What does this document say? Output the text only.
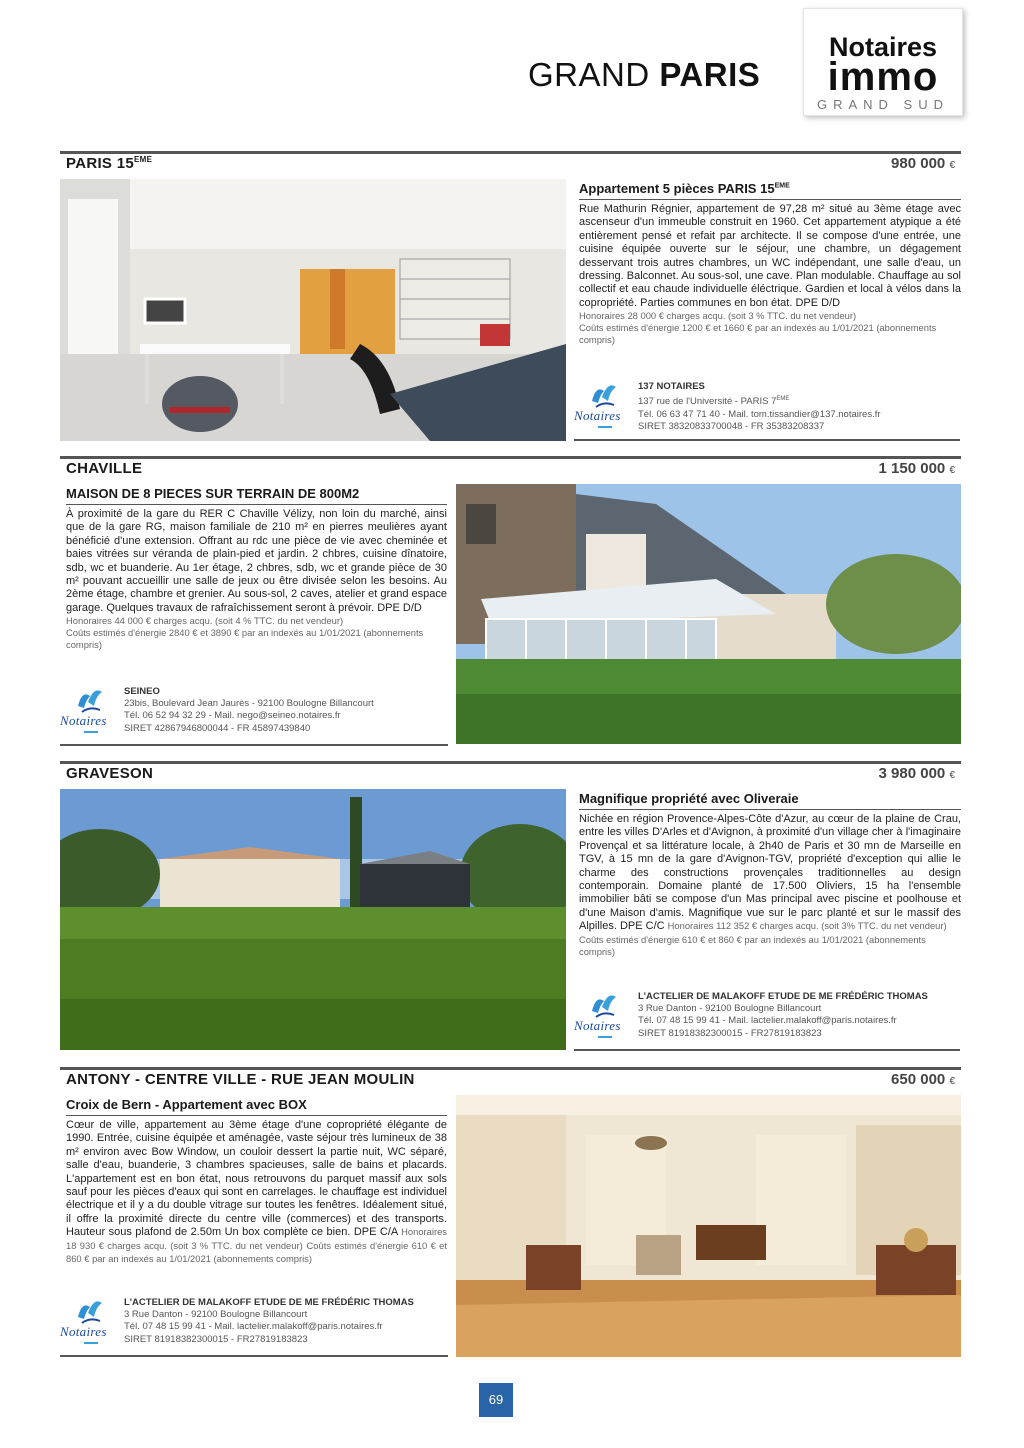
GRAND PARIS
Notaires
immo
GRAND SUD
PARIS 15EME	980 000 €
Appartement 5 pièces PARIS 15EME
Rue Mathurin Régnier, appartement de 97,28 m² situé au 3ème étage avec ascenseur d'un immeuble construit en 1960. Cet appartement atypique a été entièrement pensé et refait par architecte. Il se compose d'une entrée, une cuisine équipée ouverte sur le séjour, une chambre, un dégagement desservant trois autres chambres, un WC indépendant, une salle d'eau, un dressing. Balconnet. Au sous-sol, une cave. Plan modulable. Chauffage au sol collectif et eau chaude individuelle éléctrique. Gardien et local à vélos dans la copropriété. Parties communes en bon état. DPE D/D
Honoraires 28 000 € charges acqu. (soit 3 % TTC. du net vendeur)
Coûts estimés d'énergie 1200 € et 1660 € par an indexés au 1/01/2021 (abonnements compris)
Notaires
137 NOTAIRES
137 rue de l'Université - PARIS 7EME
Tél. 06 63 47 71 40 - Mail. tom.tissandier@137.notaires.fr
SIRET 38320833700048 - FR 35383208337
CHAVILLE	1 150 000 €
MAISON DE 8 PIECES SUR TERRAIN DE 800M2
À proximité de la gare du RER C Chaville Vélizy, non loin du marché, ainsi que de la gare RG, maison familiale de 210 m² en pierres meulières ayant bénéficié d'une extension. Offrant au rdc une pièce de vie avec cheminée et baies vitrées sur véranda de plain-pied et jardin. 2 chbres, cuisine dînatoire, sdb, wc et buanderie. Au 1er étage, 2 chbres, sdb, wc et grande pièce de 30 m² pouvant accueillir une salle de jeux ou être divisée selon les besoins. Au 2ème étage, chambre et grenier. Au sous-sol, 2 caves, atelier et grand espace garage. Quelques travaux de rafraîchissement seront à prévoir. DPE D/D
Honoraires 44 000 € charges acqu. (soit 4 % TTC. du net vendeur)
Coûts estimés d'énergie 2840 € et 3890 € par an indexés au 1/01/2021 (abonnements compris)
Notaires
SEINEO
23bis, Boulevard Jean Jaurès - 92100 Boulogne Billancourt
Tél. 06 52 94 32 29 - Mail. nego@seineo.notaires.fr
SIRET 42867946800044 - FR 45897439840
GRAVESON	3 980 000 €
Magnifique propriété avec Oliveraie
Nichée en région Provence-Alpes-Côte d'Azur, au cœur de la plaine de Crau, entre les villes D'Arles et d'Avignon, à proximité d'un village cher à l'imaginaire Provençal et sa littérature locale, à 2h40 de Paris et 30 mn de Marseille en TGV, à 15 mn de la gare d'Avignon-TGV, propriété d'exception qui allie le charme des constructions provençales traditionnelles au design contemporain. Domaine planté de 17.500 Oliviers, 15 ha l'ensemble immobilier bâti se compose d'un Mas principal avec piscine et poolhouse et d'une Maison d'amis. Magnifique vue sur le parc planté et sur le massif des Alpilles. DPE C/C Honoraires 112 352 € charges acqu. (soit 3% TTC. du net vendeur)
Coûts estimés d'énergie 610 € et 860 € par an indexés au 1/01/2021 (abonnements compris)
Notaires
L'ACTELIER DE MALAKOFF ETUDE DE ME FRÉDÉRIC THOMAS
3 Rue Danton - 92100 Boulogne Billancourt
Tél. 07 48 15 99 41 - Mail. lactelier.malakoff@paris.notaires.fr
SIRET 81918382300015 - FR27819183823
ANTONY - CENTRE VILLE - RUE JEAN MOULIN	650 000 €
Croix de Bern - Appartement avec BOX
Cœur de ville, appartement au 3ème étage d'une copropriété élégante de 1990. Entrée, cuisine équipée et aménagée, vaste séjour très lumineux de 38 m² environ avec Bow Window, un couloir dessert la partie nuit, WC séparé, salle d'eau, buanderie, 3 chambres spacieuses, salle de bains et placards. L'appartement est en bon état, nous retrouvons du parquet massif aux sols sauf pour les pièces d'eaux qui sont en carrelages. le chauffage est individuel électrique et il y a du double vitrage sur toutes les fenêtres. Idéalement situé, il offre la proximité directe du centre ville (commerces) et des transports. Hauteur sous plafond de 2.50m Un box complète ce bien. DPE C/A Honoraires 18 930 € charges acqu. (soit 3 % TTC. du net vendeur) Coûts estimés d'énergie 610 € et 860 € par an indexés au 1/01/2021 (abonnements compris)
Notaires
L'ACTELIER DE MALAKOFF ETUDE DE ME FRÉDÉRIC THOMAS
3 Rue Danton - 92100 Boulogne Billancourt
Tél. 07 48 15 99 41 - Mail. lactelier.malakoff@paris.notaires.fr
SIRET 81918382300015 - FR27819183823
69
